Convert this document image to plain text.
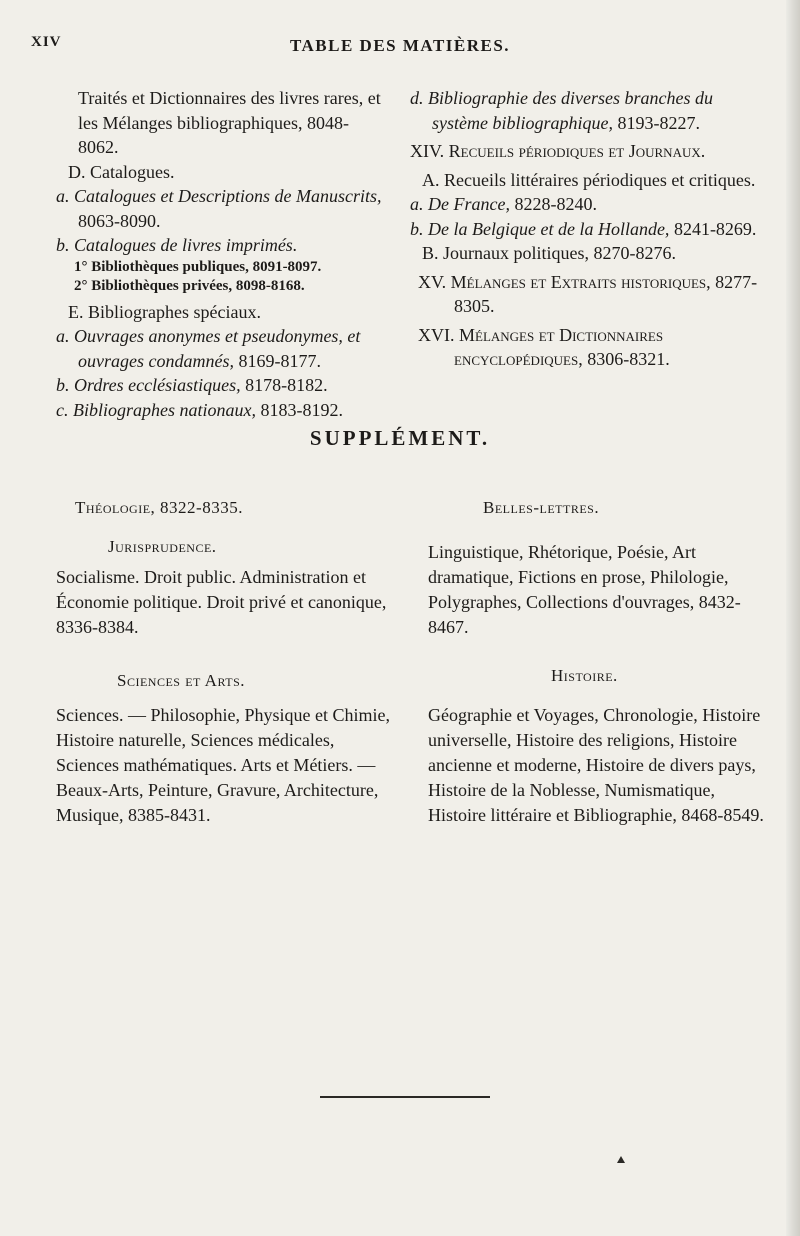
XIV	TABLE DES MATIÈRES.

Traités et Dictionnaires des livres rares, et les Mélanges bibliographiques, 8048-8062.

D. Catalogues.

a. Catalogues et Descriptions de Manuscrits, 8063-8090.

b. Catalogues de livres imprimés.

1° Bibliothèques publiques, 8091-8097.

2° Bibliothèques privées, 8098-8168.

E. Bibliographes spéciaux.

a. Ouvrages anonymes et pseudonymes, et ouvrages condamnés, 8169-8177.

b. Ordres ecclésiastiques, 8178-8182.

c. Bibliographes nationaux, 8183-8192.

d. Bibliographie des diverses branches du système bibliographique, 8193-8227.

XIV. Recueils périodiques et Journaux.

A. Recueils littéraires périodiques et critiques.

a. De France, 8228-8240.

b. De la Belgique et de la Hollande, 8241-8269.

B. Journaux politiques, 8270-8276.

XV. Mélanges et Extraits historiques, 8277-8305.

XVI. Mélanges et Dictionnaires encyclopédiques, 8306-8321.

SUPPLÉMENT.
Théologie, 8322-8335.	Belles-lettres.
Jurisprudence.
Socialisme. Droit public. Administration et Économie politique. Droit privé et canonique, 8336-8384.
Linguistique, Rhétorique, Poésie, Art dramatique, Fictions en prose, Philologie, Polygraphes, Collections d'ouvrages, 8432-8467.
Sciences et Arts.	Histoire.
Sciences. — Philosophie, Physique et Chimie, Histoire naturelle, Sciences médicales, Sciences mathématiques. Arts et Métiers. — Beaux-Arts, Peinture, Gravure, Architecture, Musique, 8385-8431.
Géographie et Voyages, Chronologie, Histoire universelle, Histoire des religions, Histoire ancienne et moderne, Histoire de divers pays, Histoire de la Noblesse, Numismatique, Histoire littéraire et Bibliographie, 8468-8549.
